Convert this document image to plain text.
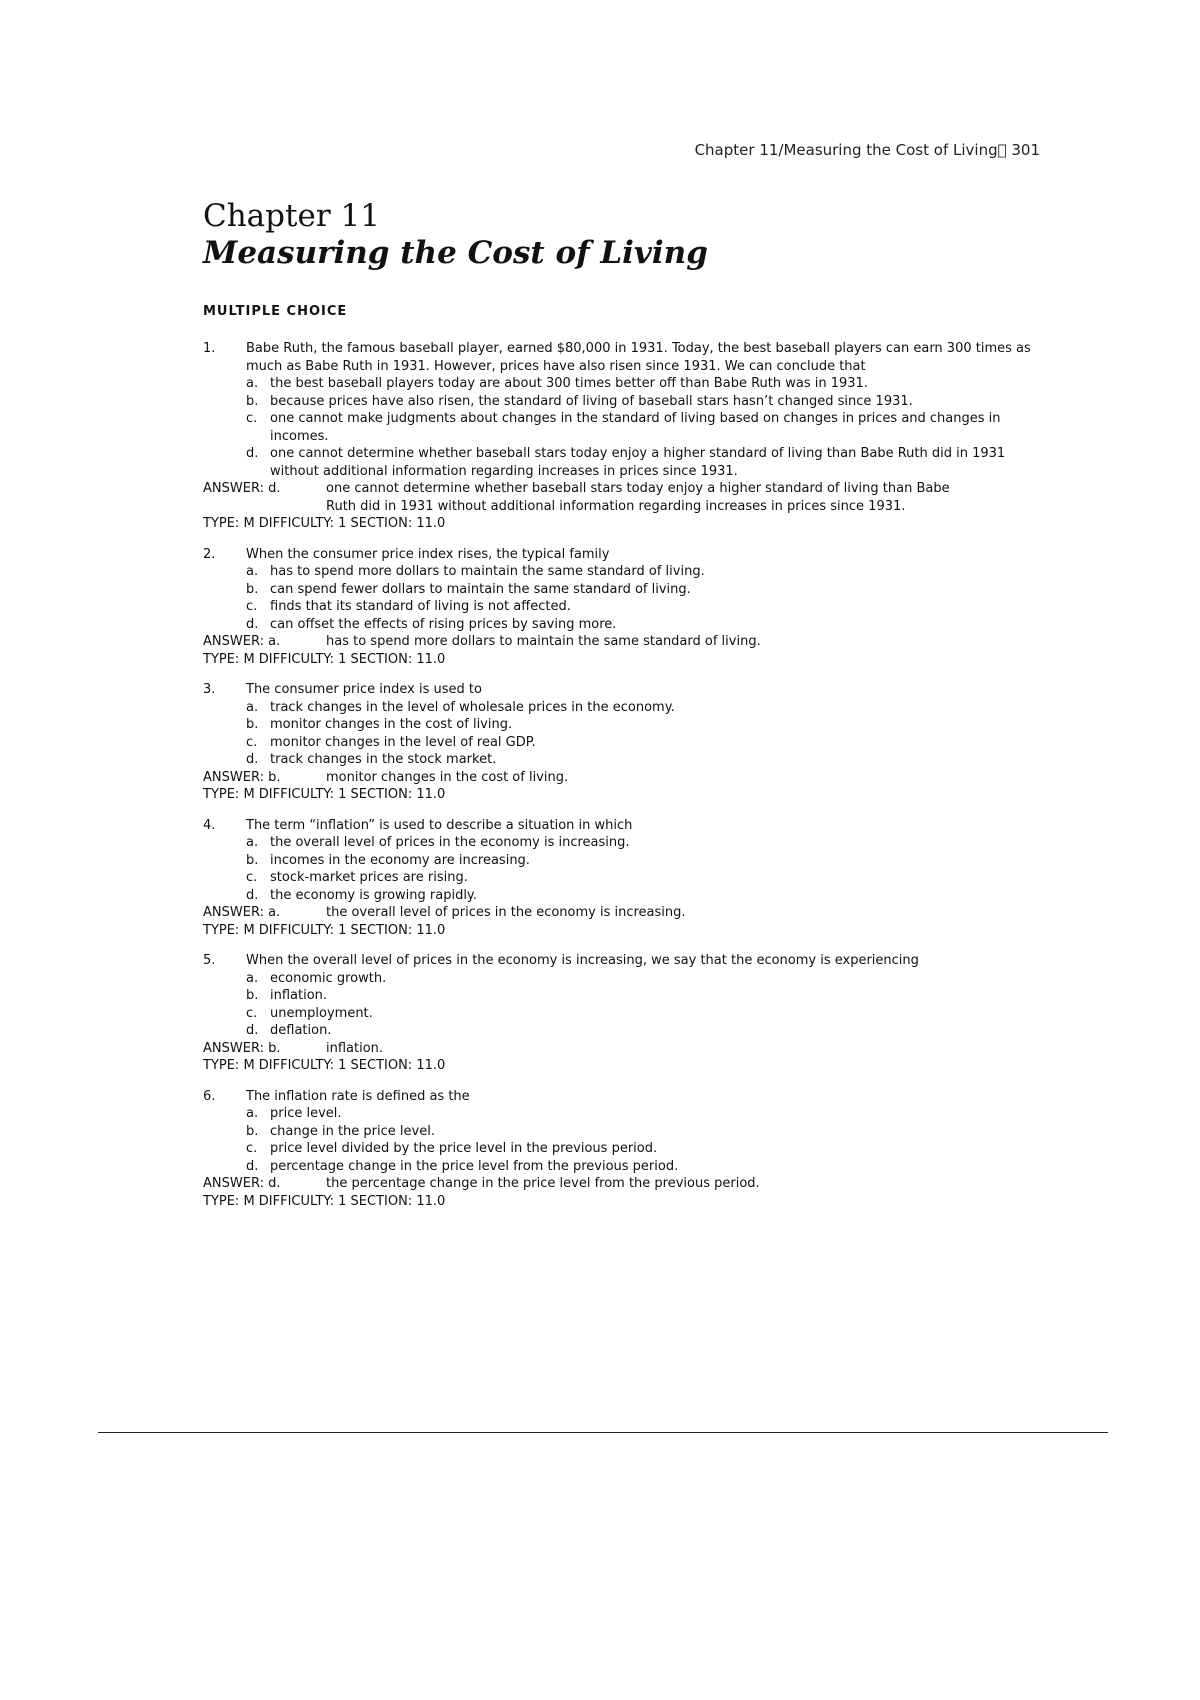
Chapter 11/Measuring the Cost of Living  301
Chapter 11
Measuring the Cost of Living
MULTIPLE CHOICE
1.	Babe Ruth, the famous baseball player, earned $80,000 in 1931. Today, the best baseball players can earn 300 times as much as Babe Ruth in 1931. However, prices have also risen since 1931. We can conclude that
a. the best baseball players today are about 300 times better off than Babe Ruth was in 1931.
b. because prices have also risen, the standard of living of baseball stars hasn’t changed since 1931.
c. one cannot make judgments about changes in the standard of living based on changes in prices and changes in incomes.
d. one cannot determine whether baseball stars today enjoy a higher standard of living than Babe Ruth did in 1931 without additional information regarding increases in prices since 1931.
ANSWER: d.	one cannot determine whether baseball stars today enjoy a higher standard of living than Babe Ruth did in 1931 without additional information regarding increases in prices since 1931.
TYPE: M DIFFICULTY: 1 SECTION: 11.0
2.	When the consumer price index rises, the typical family
a. has to spend more dollars to maintain the same standard of living.
b. can spend fewer dollars to maintain the same standard of living.
c. finds that its standard of living is not affected.
d. can offset the effects of rising prices by saving more.
ANSWER: a.	has to spend more dollars to maintain the same standard of living.
TYPE: M DIFFICULTY: 1 SECTION: 11.0
3.	The consumer price index is used to
a. track changes in the level of wholesale prices in the economy.
b. monitor changes in the cost of living.
c. monitor changes in the level of real GDP.
d. track changes in the stock market.
ANSWER: b.	monitor changes in the cost of living.
TYPE: M DIFFICULTY: 1 SECTION: 11.0
4.	The term “inflation” is used to describe a situation in which
a. the overall level of prices in the economy is increasing.
b. incomes in the economy are increasing.
c. stock-market prices are rising.
d. the economy is growing rapidly.
ANSWER: a.	the overall level of prices in the economy is increasing.
TYPE: M DIFFICULTY: 1 SECTION: 11.0
5.	When the overall level of prices in the economy is increasing, we say that the economy is experiencing
a. economic growth.
b. inflation.
c. unemployment.
d. deflation.
ANSWER: b.	inflation.
TYPE: M DIFFICULTY: 1 SECTION: 11.0
6.	The inflation rate is defined as the
a. price level.
b. change in the price level.
c. price level divided by the price level in the previous period.
d. percentage change in the price level from the previous period.
ANSWER: d.	the percentage change in the price level from the previous period.
TYPE: M DIFFICULTY: 1 SECTION: 11.0
